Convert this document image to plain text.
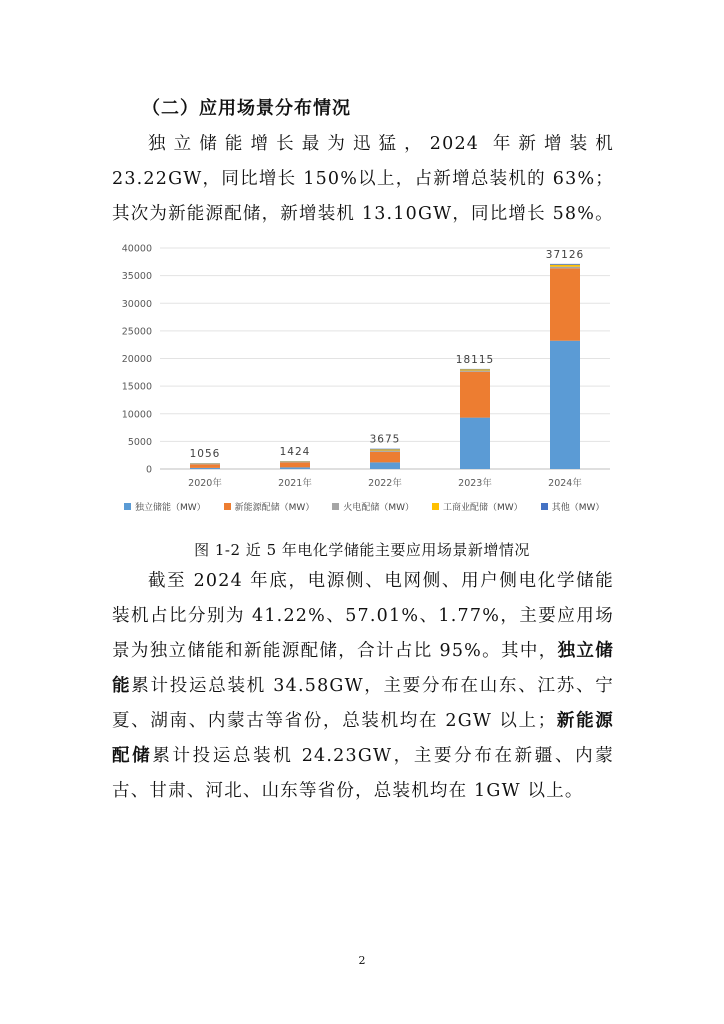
（二）应用场景分布情况

独立储能增长最为迅猛，2024 年新增装机 23.22GW，同比增长 150%以上，占新增总装机的 63%；其次为新能源配储，新增装机 13.10GW，同比增长 58%。

0
5000
10000
15000
20000
25000
30000
35000
40000
1056	1424
3675
18115
37126
2020年	2021年	2022年	2023年	2024年
独立储能（MW）	新能源配储（MW）	火电配储（MW）	工商业配储（MW）	其他（MW）
图 1-2 近 5 年电化学储能主要应用场景新增情况

截至 2024 年底，电源侧、电网侧、用户侧电化学储能装机占比分别为 41.22%、57.01%、1.77%，主要应用场景为独立储能和新能源配储，合计占比 95%。其中，独立储能累计投运总装机 34.58GW，主要分布在山东、江苏、宁夏、湖南、内蒙古等省份，总装机均在 2GW 以上；新能源配储累计投运总装机 24.23GW，主要分布在新疆、内蒙古、甘肃、河北、山东等省份，总装机均在 1GW 以上。

2
